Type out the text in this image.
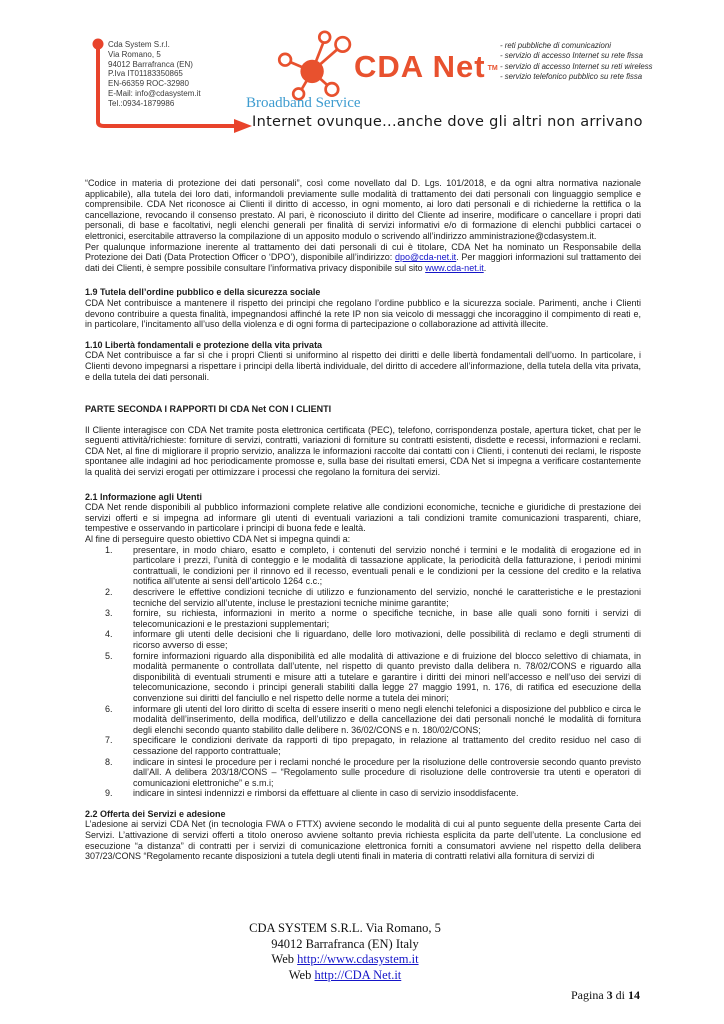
Cda System S.r.l.
Via Romano, 5
94012 Barrafranca (EN)
P.Iva IT01183350865
EN-66359 ROC-32980
E-Mail: info@cdasystem.it
Tel.:0934-1879986
CDA Net TM
Broadband Service
Internet ovunque...anche dove gli altri non arrivano
- reti pubbliche di comunicazioni
- servizio di accesso Internet su rete fissa
- servizio di accesso Internet su reti wireless
- servizio telefonico pubblico su rete fissa

“Codice in materia di protezione dei dati personali”, così come novellato dal D. Lgs. 101/2018, e da ogni altra normativa nazionale applicabile), alla tutela dei loro dati, informandoli previamente sulle modalità di trattamento dei dati personali con linguaggio semplice e comprensibile. CDA Net riconosce ai Clienti il diritto di accesso, in ogni momento, ai loro dati personali e di richiederne la rettifica o la cancellazione, revocando il consenso prestato. Al pari, è riconosciuto il diritto del Cliente ad inserire, modificare o cancellare i propri dati personali, di base e facoltativi, negli elenchi generali per finalità di servizi informativi e/o di formazione di elenchi pubblici cartacei o elettronici, esercitabile attraverso la compilazione di un apposito modulo o scrivendo all’indirizzo amministrazione@cdasystem.it.

Per qualunque informazione inerente al trattamento dei dati personali di cui è titolare, CDA Net ha nominato un Responsabile della Protezione dei Dati (Data Protection Officer o ‘DPO’), disponibile all’indirizzo: dpo@cda-net.it. Per maggiori informazioni sul trattamento dei dati dei Clienti, è sempre possibile consultare l’informativa privacy disponibile sul sito www.cda-net.it.

1.9 Tutela dell’ordine pubblico e della sicurezza sociale

CDA Net contribuisce a mantenere il rispetto dei principi che regolano l’ordine pubblico e la sicurezza sociale. Parimenti, anche i Clienti devono contribuire a questa finalità, impegnandosi affinché la rete IP non sia veicolo di messaggi che incoraggino il compimento di reati e, in particolare, l’incitamento all’uso della violenza e di ogni forma di partecipazione o collaborazione ad attività illecite.

1.10 Libertà fondamentali e protezione della vita privata

CDA Net contribuisce a far sì che i propri Clienti si uniformino al rispetto dei diritti e delle libertà fondamentali dell’uomo. In particolare, i Clienti devono impegnarsi a rispettare i principi della libertà individuale, del diritto di accedere all’informazione, della tutela della vita privata, e della tutela dei dati personali.

PARTE SECONDA I RAPPORTI DI CDA Net CON I CLIENTI

Il Cliente interagisce con CDA Net tramite posta elettronica certificata (PEC), telefono, corrispondenza postale, apertura ticket, chat per le seguenti attività/richieste: forniture di servizi, contratti, variazioni di forniture su contratti esistenti, disdette e recessi, informazioni e reclami. CDA Net, al fine di migliorare il proprio servizio, analizza le informazioni raccolte dai contatti con i Clienti, i contenuti dei reclami, le risposte spontanee alle indagini ad hoc periodicamente promosse e, sulla base dei risultati emersi, CDA Net si impegna a verificare costantemente la qualità dei servizi erogati per ottimizzare i processi che regolano la fornitura dei servizi.

2.1 Informazione agli Utenti

CDA Net rende disponibili al pubblico informazioni complete relative alle condizioni economiche, tecniche e giuridiche di prestazione dei servizi offerti e si impegna ad informare gli utenti di eventuali variazioni a tali condizioni tramite comunicazioni trasparenti, chiare, tempestive e osservando in particolare i principi di buona fede e lealtà.

Al fine di perseguire questo obiettivo CDA Net si impegna quindi a:

1.	presentare, in modo chiaro, esatto e completo, i contenuti del servizio nonché i termini e le modalità di erogazione ed in particolare i prezzi, l’unità di conteggio e le modalità di tassazione applicate, la periodicità della fatturazione, i periodi minimi contrattuali, le condizioni per il rinnovo ed il recesso, eventuali penali e le condizioni per la cessione del credito e la relativa notifica all’utente ai sensi dell’articolo 1264 c.c.;
2.	descrivere le effettive condizioni tecniche di utilizzo e funzionamento del servizio, nonché le caratteristiche e le prestazioni tecniche del servizio all’utente, incluse le prestazioni tecniche minime garantite;
3.	fornire, su richiesta, informazioni in merito a norme o specifiche tecniche, in base alle quali sono forniti i servizi di telecomunicazioni e le prestazioni supplementari;
4.	informare gli utenti delle decisioni che li riguardano, delle loro motivazioni, delle possibilità di reclamo e degli strumenti di ricorso avverso di esse;
5.	fornire informazioni riguardo alla disponibilità ed alle modalità di attivazione e di fruizione del blocco selettivo di chiamata, in modalità permanente o controllata dall’utente, nel rispetto di quanto previsto dalla delibera n. 78/02/CONS e riguardo alla disponibilità di eventuali strumenti e misure atti a tutelare e garantire i diritti dei minori nell’accesso e nell’uso dei servizi di telecomunicazione, secondo i principi generali stabiliti dalla legge 27 maggio 1991, n. 176, di ratifica ed esecuzione della convenzione sui diritti del fanciullo e nel rispetto delle norme a tutela dei minori;
6.	informare gli utenti del loro diritto di scelta di essere inseriti o meno negli elenchi telefonici a disposizione del pubblico e circa le modalità dell’inserimento, della modifica, dell’utilizzo e della cancellazione dei dati personali nonché le modalità di fornitura degli elenchi secondo quanto stabilito dalle delibere n. 36/02/CONS e n. 180/02/CONS;
7.	specificare le condizioni derivate da rapporti di tipo prepagato, in relazione al trattamento del credito residuo nel caso di cessazione del rapporto contrattuale;
8.	indicare in sintesi le procedure per i reclami nonché le procedure per la risoluzione delle controversie secondo quanto previsto dall’All. A delibera 203/18/CONS – “Regolamento sulle procedure di risoluzione delle controversie tra utenti e operatori di comunicazioni elettroniche” e s.m.i;
9.	indicare in sintesi indennizzi e rimborsi da effettuare al cliente in caso di servizio insoddisfacente.

2.2 Offerta dei Servizi e adesione

L’adesione ai servizi CDA Net (in tecnologia FWA o FTTX) avviene secondo le modalità di cui al punto seguente della presente Carta dei Servizi. L’attivazione di servizi offerti a titolo oneroso avviene soltanto previa richiesta esplicita da parte dell’utente. La conclusione ed esecuzione “a distanza” di contratti per i servizi di comunicazione elettronica forniti a consumatori avviene nel rispetto della delibera 307/23/CONS “Regolamento recante disposizioni a tutela degli utenti finali in materia di contratti relativi alla fornitura di servizi di

CDA SYSTEM S.R.L. Via Romano, 5
94012 Barrafranca (EN) Italy
Web http://www.cdasystem.it
Web http://CDA Net.it
Pagina 3 di 14
